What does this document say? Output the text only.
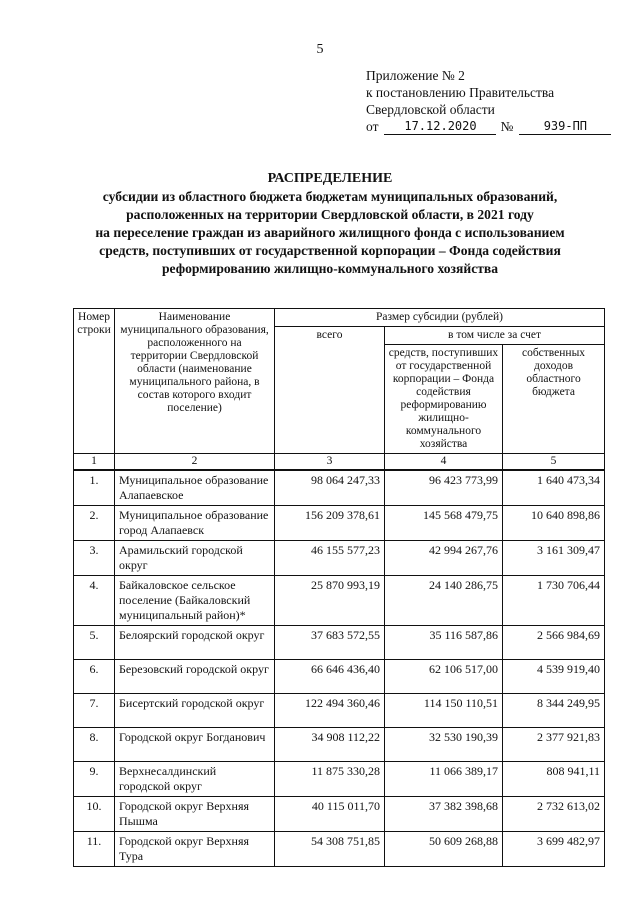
5
Приложение № 2
к постановлению Правительства
Свердловской области
от	17.12.2020	№	939-ПП
РАСПРЕДЕЛЕНИЕ
субсидии из областного бюджета бюджетам муниципальных образований,
расположенных на территории Свердловской области, в 2021 году
на переселение граждан из аварийного жилищного фонда с использованием
средств, поступивших от государственной корпорации – Фонда содействия
реформированию жилищно-коммунального хозяйства
Номер строки	Наименование муниципального образования, расположенного на территории Свердловской области (наименование муниципального района, в состав которого входит поселение)	Размер субсидии (рублей)		
		всего	в том числе за счет	
			средств, поступивших от государственной корпорации – Фонда содействия реформированию жилищно-коммунального хозяйства	собственных доходов областного бюджета
1	2	3	4	5
1.	Муниципальное образование Алапаевское	98 064 247,33	96 423 773,99	1 640 473,34
2.	Муниципальное образование город Алапаевск	156 209 378,61	145 568 479,75	10 640 898,86
3.	Арамильский городской округ	46 155 577,23	42 994 267,76	3 161 309,47
4.	Байкаловское сельское поселение (Байкаловский муниципальный район)*	25 870 993,19	24 140 286,75	1 730 706,44
5.	Белоярский городской округ	37 683 572,55	35 116 587,86	2 566 984,69
6.	Березовский городской округ	66 646 436,40	62 106 517,00	4 539 919,40
7.	Бисертский городской округ	122 494 360,46	114 150 110,51	8 344 249,95
8.	Городской округ Богданович	34 908 112,22	32 530 190,39	2 377 921,83
9.	Верхнесалдинский городской округ	11 875 330,28	11 066 389,17	808 941,11
10.	Городской округ Верхняя Пышма	40 115 011,70	37 382 398,68	2 732 613,02
11.	Городской округ Верхняя Тура	54 308 751,85	50 609 268,88	3 699 482,97
